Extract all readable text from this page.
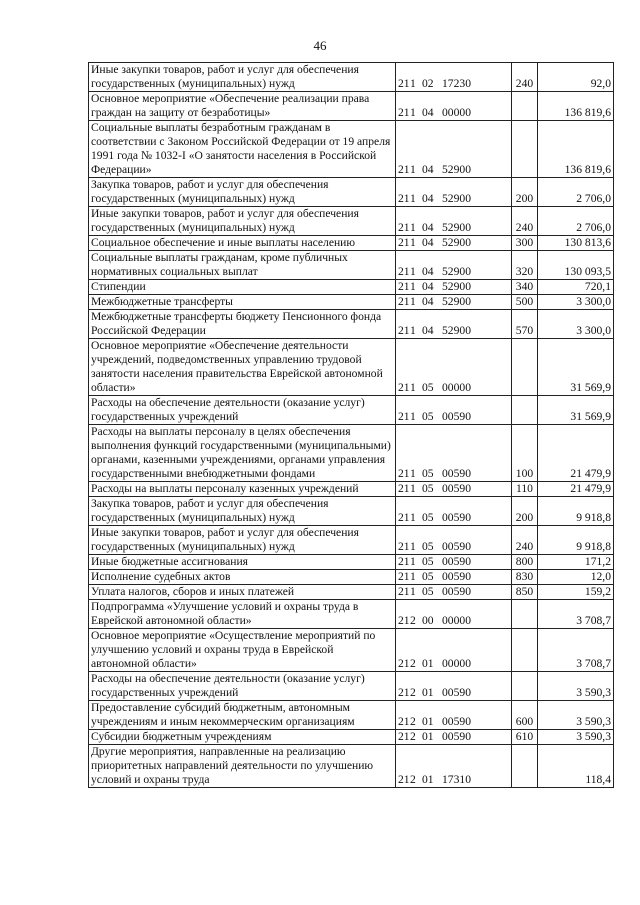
46
Иные закупки товаров, работ и услуг для обеспечения государственных (муниципальных) нужд	211 02 17230	240	92,0
Основное мероприятие «Обеспечение реализации права граждан на защиту от безработицы»	211 04 00000		136 819,6
Социальные выплаты безработным гражданам в соответствии с Законом Российской Федерации от 19 апреля 1991 года № 1032-I «О занятости населения в Российской Федерации»	211 04 52900		136 819,6
Закупка товаров, работ и услуг для обеспечения государственных (муниципальных) нужд	211 04 52900	200	2 706,0
Иные закупки товаров, работ и услуг для обеспечения государственных (муниципальных) нужд	211 04 52900	240	2 706,0
Социальное обеспечение и иные выплаты населению	211 04 52900	300	130 813,6
Социальные выплаты гражданам, кроме публичных нормативных социальных выплат	211 04 52900	320	130 093,5
Стипендии	211 04 52900	340	720,1
Межбюджетные трансферты	211 04 52900	500	3 300,0
Межбюджетные трансферты бюджету Пенсионного фонда Российской Федерации	211 04 52900	570	3 300,0
Основное мероприятие «Обеспечение деятельности учреждений, подведомственных управлению трудовой занятости населения правительства Еврейской автономной области»	211 05 00000		31 569,9
Расходы на обеспечение деятельности (оказание услуг) государственных учреждений	211 05 00590		31 569,9
Расходы на выплаты персоналу в целях обеспечения выполнения функций государственными (муниципальными) органами, казенными учреждениями, органами управления государственными внебюджетными фондами	211 05 00590	100	21 479,9
Расходы на выплаты персоналу казенных учреждений	211 05 00590	110	21 479,9
Закупка товаров, работ и услуг для обеспечения государственных (муниципальных) нужд	211 05 00590	200	9 918,8
Иные закупки товаров, работ и услуг для обеспечения государственных (муниципальных) нужд	211 05 00590	240	9 918,8
Иные бюджетные ассигнования	211 05 00590	800	171,2
Исполнение судебных актов	211 05 00590	830	12,0
Уплата налогов, сборов и иных платежей	211 05 00590	850	159,2
Подпрограмма «Улучшение условий и охраны труда в Еврейской автономной области»	212 00 00000		3 708,7
Основное мероприятие «Осуществление мероприятий по улучшению условий и охраны труда в Еврейской автономной области»	212 01 00000		3 708,7
Расходы на обеспечение деятельности (оказание услуг) государственных учреждений	212 01 00590		3 590,3
Предоставление субсидий бюджетным, автономным учреждениям и иным некоммерческим организациям	212 01 00590	600	3 590,3
Субсидии бюджетным учреждениям	212 01 00590	610	3 590,3
Другие мероприятия, направленные на реализацию приоритетных направлений деятельности по улучшению условий и охраны труда	212 01 17310		118,4
